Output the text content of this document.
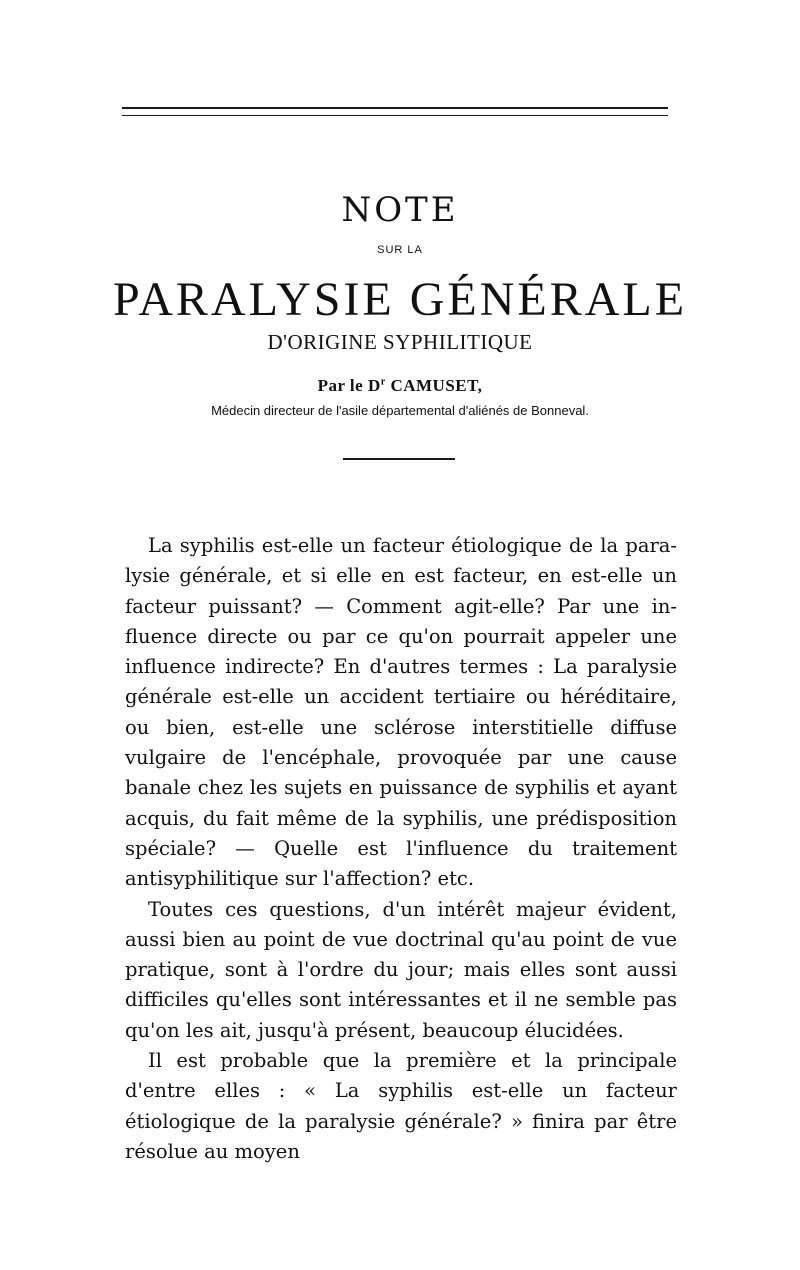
NOTE
SUR LA
PARALYSIE GÉNÉRALE
D'ORIGINE SYPHILITIQUE
Par le $D^r$ CAMUSET,
Médecin directeur de l'asile départemental d'aliénés de Bonneval.

La syphilis est-elle un facteur étiologique de la para-lysie générale, et si elle en est facteur, en est-elle un facteur puissant? — Comment agit-elle? Par une in-fluence directe ou par ce qu'on pourrait appeler une influence indirecte? En d'autres termes : La paralysie générale est-elle un accident tertiaire ou héréditaire, ou bien, est-elle une sclérose interstitielle diffuse vulgaire de l'encéphale, provoquée par une cause banale chez les sujets en puissance de syphilis et ayant acquis, du fait même de la syphilis, une prédisposition spéciale? — Quelle est l'influence du traitement antisyphilitique sur l'affection? etc.

Toutes ces questions, d'un intérêt majeur évident, aussi bien au point de vue doctrinal qu'au point de vue pratique, sont à l'ordre du jour; mais elles sont aussi difficiles qu'elles sont intéressantes et il ne semble pas qu'on les ait, jusqu'à présent, beaucoup élucidées.

Il est probable que la première et la principale d'entre elles : « La syphilis est-elle un facteur étiologique de la paralysie générale? » finira par être résolue au moyen
